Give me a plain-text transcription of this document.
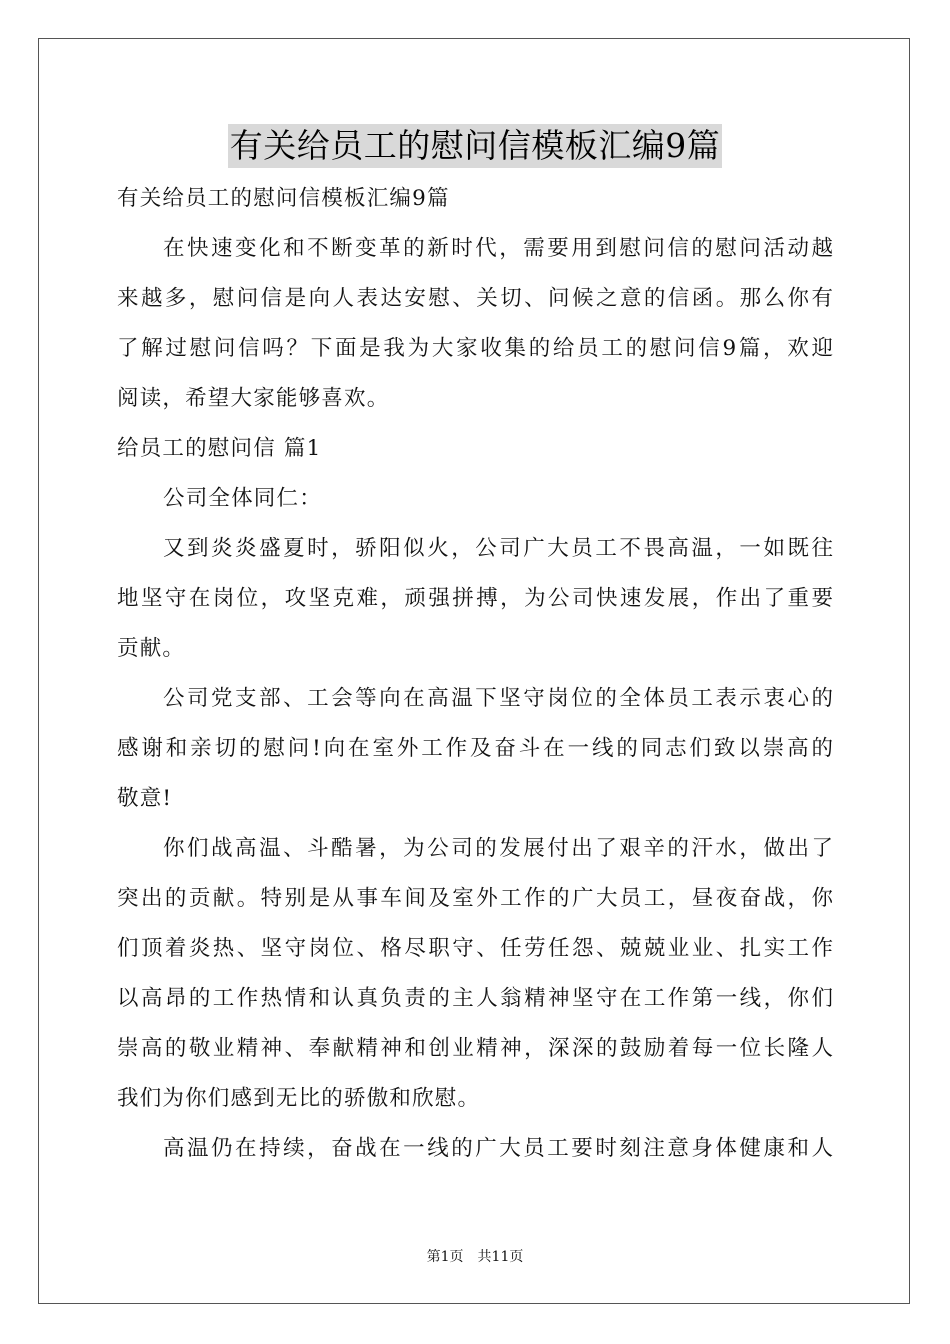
有关给员工的慰问信模板汇编9篇
有关给员工的慰问信模板汇编9篇
在快速变化和不断变革的新时代，需要用到慰问信的慰问活动越
来越多，慰问信是向人表达安慰、关切、问候之意的信函。那么你有
了解过慰问信吗？下面是我为大家收集的给员工的慰问信9篇，欢迎
阅读，希望大家能够喜欢。
给员工的慰问信 篇1
公司全体同仁：
又到炎炎盛夏时，骄阳似火，公司广大员工不畏高温，一如既往
地坚守在岗位，攻坚克难，顽强拼搏，为公司快速发展，作出了重要
贡献。
公司党支部、工会等向在高温下坚守岗位的全体员工表示衷心的
感谢和亲切的慰问!向在室外工作及奋斗在一线的同志们致以崇高的
敬意!
你们战高温、斗酷暑，为公司的发展付出了艰辛的汗水，做出了
突出的贡献。特别是从事车间及室外工作的广大员工，昼夜奋战，你
们顶着炎热、坚守岗位、格尽职守、任劳任怨、兢兢业业、扎实工作
以高昂的工作热情和认真负责的主人翁精神坚守在工作第一线，你们
崇高的敬业精神、奉献精神和创业精神，深深的鼓励着每一位长隆人
我们为你们感到无比的骄傲和欣慰。
高温仍在持续，奋战在一线的广大员工要时刻注意身体健康和人
第1页　共11页
